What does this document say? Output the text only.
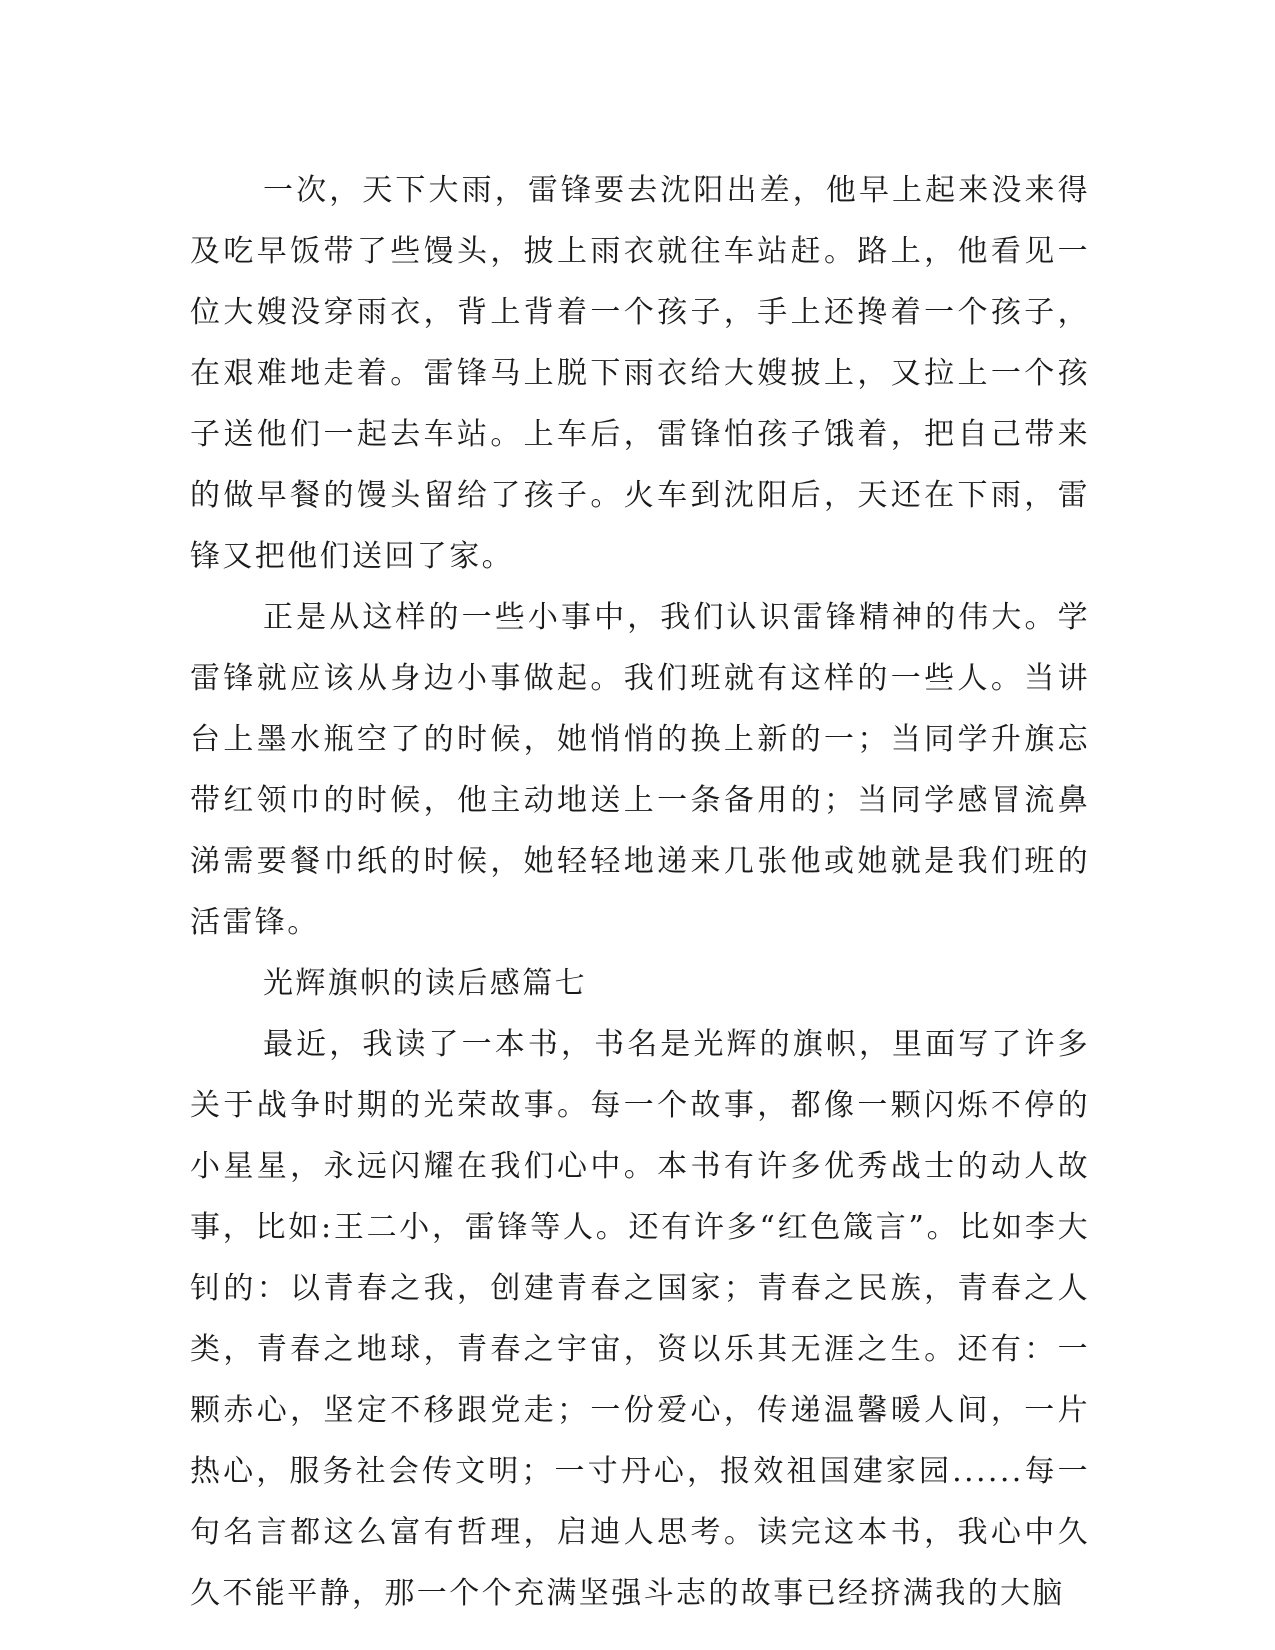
一次，天下大雨，雷锋要去沈阳出差，他早上起来没来得及吃早饭带了些馒头，披上雨衣就往车站赶。路上，他看见一位大嫂没穿雨衣，背上背着一个孩子，手上还搀着一个孩子，在艰难地走着。雷锋马上脱下雨衣给大嫂披上，又拉上一个孩子送他们一起去车站。上车后，雷锋怕孩子饿着，把自己带来的做早餐的馒头留给了孩子。火车到沈阳后，天还在下雨，雷锋又把他们送回了家。

正是从这样的一些小事中，我们认识雷锋精神的伟大。学雷锋就应该从身边小事做起。我们班就有这样的一些人。当讲台上墨水瓶空了的时候，她悄悄的换上新的一；当同学升旗忘带红领巾的时候，他主动地送上一条备用的；当同学感冒流鼻涕需要餐巾纸的时候，她轻轻地递来几张他或她就是我们班的活雷锋。

光辉旗帜的读后感篇七

最近，我读了一本书，书名是光辉的旗帜，里面写了许多关于战争时期的光荣故事。每一个故事，都像一颗闪烁不停的小星星，永远闪耀在我们心中。本书有许多优秀战士的动人故事，比如:王二小，雷锋等人。还有许多“红色箴言”。比如李大钊的：以青春之我，创建青春之国家；青春之民族，青春之人类，青春之地球，青春之宇宙，资以乐其无涯之生。还有：一颗赤心，坚定不移跟党走；一份爱心，传递温馨暖人间，一片热心，服务社会传文明；一寸丹心，报效祖国建家园......每一句名言都这么富有哲理，启迪人思考。读完这本书，我心中久久不能平静，那一个个充满坚强斗志的故事已经挤满我的大脑
